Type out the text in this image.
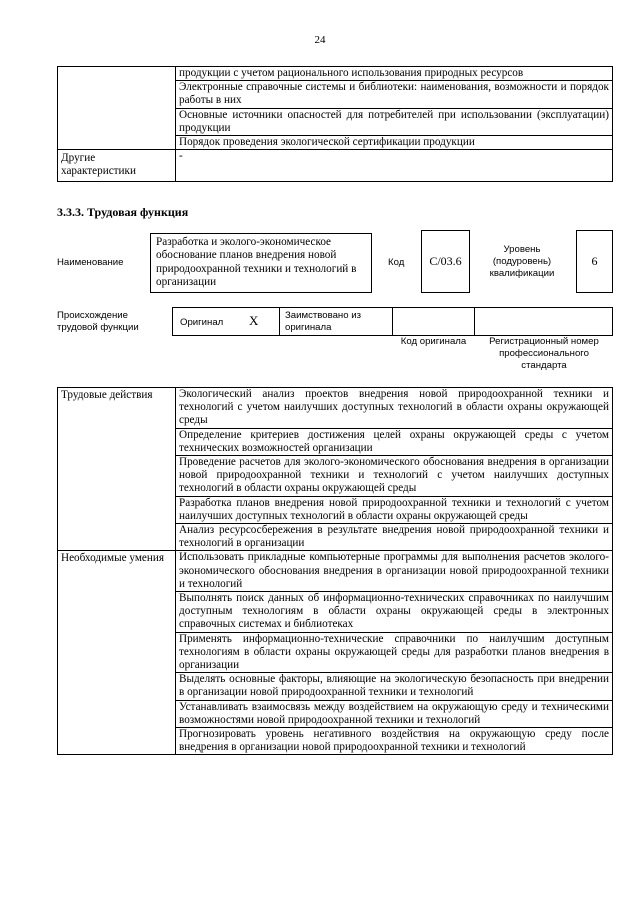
24
	продукции с учетом рационального использования природных ресурсов
	Электронные справочные системы и библиотеки: наименования, возможности и порядок работы в них
	Основные источники опасностей для потребителей при использовании (эксплуатации) продукции
	Порядок проведения экологической сертификации продукции
Другие характеристики	-
3.3.3. Трудовая функция
Наименование
Разработка и эколого-экономическое обоснование планов внедрения новой природоохранной техники и технологий в организации
Код С/03.6
Уровень (подуровень) квалификации
6
Происхождение трудовой функции	Оригинал X	Заимствовано из оригинала
Код оригинала	Регистрационный номер профессионального стандарта
Трудовые действия	Экологический анализ проектов внедрения новой природоохранной техники и технологий с учетом наилучших доступных технологий в области охраны окружающей среды
	Определение критериев достижения целей охраны окружающей среды с учетом технических возможностей организации
	Проведение расчетов для эколого-экономического обоснования внедрения в организации новой природоохранной техники и технологий с учетом наилучших доступных технологий в области охраны окружающей среды
	Разработка планов внедрения новой природоохранной техники и технологий с учетом наилучших доступных технологий в области охраны окружающей среды
	Анализ ресурсосбережения в результате внедрения новой природоохранной техники и технологий в организации
Необходимые умения	Использовать прикладные компьютерные программы для выполнения расчетов эколого-экономического обоснования внедрения в организации новой природоохранной техники и технологий
	Выполнять поиск данных об информационно-технических справочниках по наилучшим доступным технологиям в области охраны окружающей среды в электронных справочных системах и библиотеках
	Применять информационно-технические справочники по наилучшим доступным технологиям в области охраны окружающей среды для разработки планов внедрения в организации
	Выделять основные факторы, влияющие на экологическую безопасность при внедрении в организации новой природоохранной техники и технологий
	Устанавливать взаимосвязь между воздействием на окружающую среду и техническими возможностями новой природоохранной техники и технологий
	Прогнозировать уровень негативного воздействия на окружающую среду после внедрения в организации новой природоохранной техники и технологий
